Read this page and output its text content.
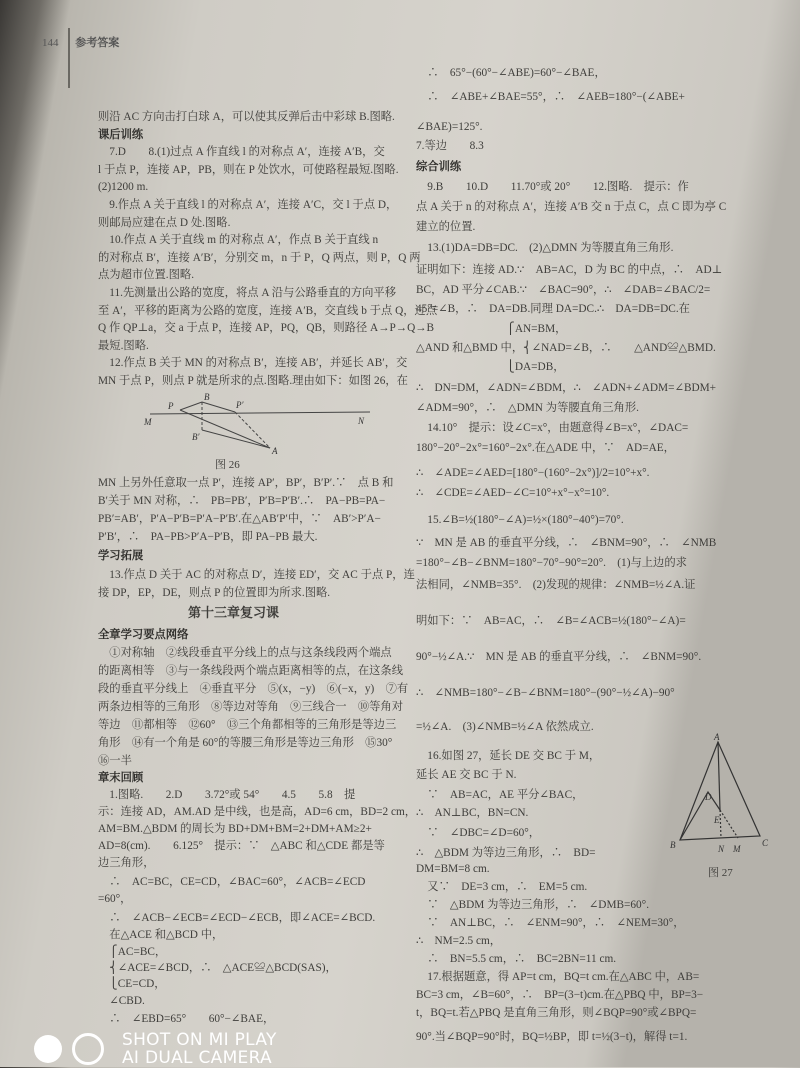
144 参考答案
则沿 AC 方向击打白球 A，可以使其反弹后击中彩球 B.图略.
课后训练
　7.D　　8.(1)过点 A 作直线 l 的对称点 A′，连接 A′B，交
l 于点 P，连接 AP，PB，则在 P 处饮水，可使路程最短.图略.
(2)1200 m.
　9.作点 A 关于直线 l 的对称点 A′，连接 A′C，交 l 于点 D，
则邮局应建在点 D 处.图略.
　10.作点 A 关于直线 m 的对称点 A′，作点 B 关于直线 n
的对称点 B′，连接 A′B′，分别交 m，n 于 P，Q 两点，则 P，Q 两
点为超市位置.图略.
　11.先测量出公路的宽度，将点 A 沿与公路垂直的方向平移
至 A′，平移的距离为公路的宽度，连接 A′B，交直线 b 于点 Q，过点
Q 作 QP⊥a，交 a 于点 P，连接 AP，PQ，QB，则路径 A→P→Q→B
最短.图略.
　12.作点 B 关于 MN 的对称点 B′，连接 AB′，并延长 AB′，交
MN 于点 P，则点 P 就是所求的点.图略.理由如下：如图 26，在
MN 上另外任意取一点 P′，连接 AP′，BP′，B′P′.∵　点 B 和
B′关于 MN 对称，∴　PB=PB′，P′B=P′B′.∴　PA−PB=PA−
PB′=AB′，P′A−P′B=P′A−P′B′.在△AB′P′中，∵　AB′>P′A−
P′B′，∴　PA−PB>P′A−P′B，即 PA−PB 最大.
学习拓展
　13.作点 D 关于 AC 的对称点 D′，连接 ED′，交 AC 于点 P，连
接 DP，EP，DE，则点 P 的位置即为所求.图略.
第十三章复习课
全章学习要点网络
　①对称轴　②线段垂直平分线上的点与这条线段两个端点
的距离相等　③与一条线段两个端点距离相等的点，在这条线
段的垂直平分线上　④垂直平分　⑤(x，−y)　⑥(−x，y)　⑦有
两条边相等的三角形　⑧等边对等角　⑨三线合一　⑩等角对
等边　⑪都相等　⑫60°　⑬三个角都相等的三角形是等边三
角形　⑭有一个角是 60°的等腰三角形是等边三角形　⑮30°
⑯一半
章末回顾
　1.图略.　　2.D　　3.72°或 54°　　4.5　　5.8　提
示：连接 AD，AM.AD 是中线，也是高，AD=6 cm，BD=2 cm，
AM=BM.△BDM 的周长为 BD+DM+BM=2+DM+AM≥2+
AD=8(cm).　　6.125°　提示：∵　△ABC 和△CDE 都是等
边三角形，
　∴　AC=BC，CE=CD，∠BAC=60°，∠ACB=∠ECD
=60°，
　∴　∠ACB−∠ECB=∠ECD−∠ECB，即∠ACE=∠BCD.
　在△ACE 和△BCD 中，
　⎧AC=BC，
　⎨∠ACE=∠BCD，∴　△ACE≌△BCD(SAS)，
　⎩CE=CD，
　∠CBD.
　∴　∠EBD=65°　　60°−∠BAE，
　∴　65°−(60°−∠ABE)=60°−∠BAE，
　∴　∠ABE+∠BAE=55°，∴　∠AEB=180°−(∠ABE+
∠BAE)=125°.
7.等边　　8.3
综合训练
　9.B　　10.D　　11.70°或 20°　　12.图略.　提示：作
点 A 关于 n 的对称点 A′，连接 A′B 交 n 于点 C，点 C 即为亭 C
建立的位置.
　13.(1)DA=DB=DC.　(2)△DMN 为等腰直角三角形.
证明如下：连接 AD.∵　AB=AC，D 为 BC 的中点，∴　AD⊥
BC，AD 平分∠CAB.∵　∠BAC=90°，∴　∠DAB=∠BAC/2=
45°=∠B，∴　DA=DB.同理 DA=DC.∴　DA=DB=DC.在
　　　　　　　　⎧AN=BM，
△AND 和△BMD 中，⎨∠NAD=∠B，∴　　△AND≌△BMD.
　　　　　　　　⎩DA=DB，
∴　DN=DM，∠ADN=∠BDM，∴　∠ADN+∠ADM=∠BDM+
∠ADM=90°，∴　△DMN 为等腰直角三角形.
　14.10°　提示：设∠C=x°，由题意得∠B=x°，∠DAC=
180°−20°−2x°=160°−2x°.在△ADE 中，∵　AD=AE，
∴　∠ADE=∠AED=[180°−(160°−2x°)]/2=10°+x°.
∴　∠CDE=∠AED−∠C=10°+x°−x°=10°.
　15.∠B=½(180°−∠A)=½×(180°−40°)=70°.
∵　MN 是 AB 的垂直平分线，∴　∠BNM=90°，∴　∠NMB
=180°−∠B−∠BNM=180°−70°−90°=20°.　(1)与上边的求
法相同，∠NMB=35°.　(2)发现的规律：∠NMB=½∠A.证
明如下：∵　AB=AC，∴　∠B=∠ACB=½(180°−∠A)=
90°−½∠A.∵　MN 是 AB 的垂直平分线，∴　∠BNM=90°.
∴　∠NMB=180°−∠B−∠BNM=180°−(90°−½∠A)−90°
=½∠A.　(3)∠NMB=½∠A 依然成立.
　16.如图 27，延长 DE 交 BC 于 M，
延长 AE 交 BC 于 N.
　∵　AB=AC，AE 平分∠BAC，
∴　AN⊥BC，BN=CN.
　∵　∠DBC=∠D=60°，
∴　△BDM 为等边三角形，∴　BD=
DM=BM=8 cm.
　又∵　DE=3 cm，∴　EM=5 cm.
　∵　△BDM 为等边三角形，∴　∠DMB=60°.
　∵　AN⊥BC，∴　∠ENM=90°，∴　∠NEM=30°，
∴　NM=2.5 cm，
　∴　BN=5.5 cm，∴　BC=2BN=11 cm.
　17.根据题意，得 AP=t cm，BQ=t cm.在△ABC 中，AB=
BC=3 cm，∠B=60°，∴　BP=(3−t)cm.在△PBQ 中，BP=3−
t，BQ=t.若△PBQ 是直角三角形，则∠BQP=90°或∠BPQ=
90°.当∠BQP=90°时，BQ=½BP，即 t=½(3−t)，解得 t=1.
P
B
P′
M	N
B′
A
图 26
A
D
E
B	N M
C
图 27
SHOT ON MI PLAY
AI DUAL CAMERA
